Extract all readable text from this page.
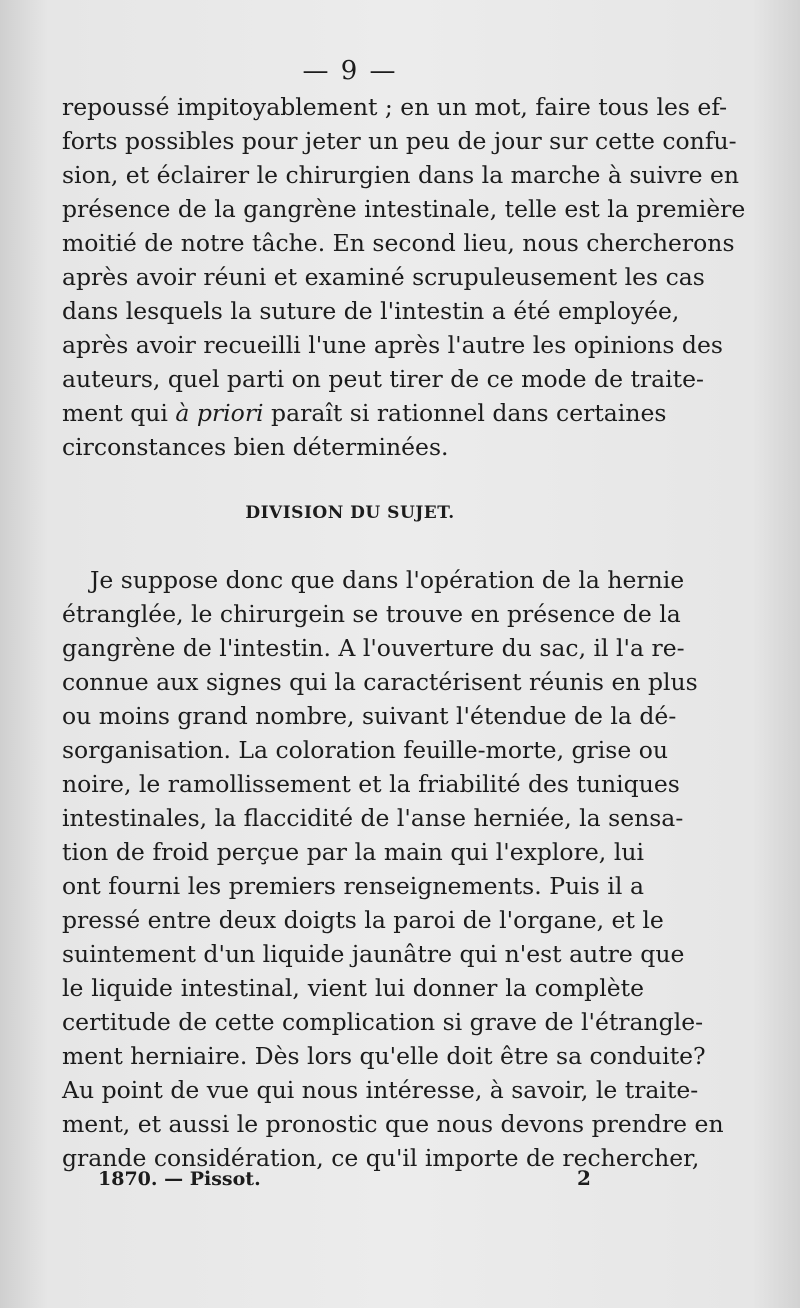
— 9 —
repoussé impitoyablement ; en un mot, faire tous les ef-
forts possibles pour jeter un peu de jour sur cette confu-
sion, et éclairer le chirurgien dans la marche à suivre en
présence de la gangrène intestinale, telle est la première
moitié de notre tâche. En second lieu, nous chercherons
après avoir réuni et examiné scrupuleusement les cas
dans lesquels la suture de l'intestin a été employée,
après avoir recueilli l'une après l'autre les opinions des
auteurs, quel parti on peut tirer de ce mode de traite-
ment qui à priori paraît si rationnel dans certaines
circonstances bien déterminées.
DIVISION DU SUJET.
Je suppose donc que dans l'opération de la hernie
étranglée, le chirurgein se trouve en présence de la
gangrène de l'intestin. A l'ouverture du sac, il l'a re-
connue aux signes qui la caractérisent réunis en plus
ou moins grand nombre, suivant l'étendue de la dé-
sorganisation. La coloration feuille-morte, grise ou
noire, le ramollissement et la friabilité des tuniques
intestinales, la flaccidité de l'anse herniée, la sensa-
tion de froid perçue par la main qui l'explore, lui
ont fourni les premiers renseignements. Puis il a
pressé entre deux doigts la paroi de l'organe, et le
suintement d'un liquide jaunâtre qui n'est autre que
le liquide intestinal, vient lui donner la complète
certitude de cette complication si grave de l'étrangle-
ment herniaire. Dès lors qu'elle doit être sa conduite?
Au point de vue qui nous intéresse, à savoir, le traite-
ment, et aussi le pronostic que nous devons prendre en
grande considération, ce qu'il importe de rechercher,
1870. — Pissot.	2
